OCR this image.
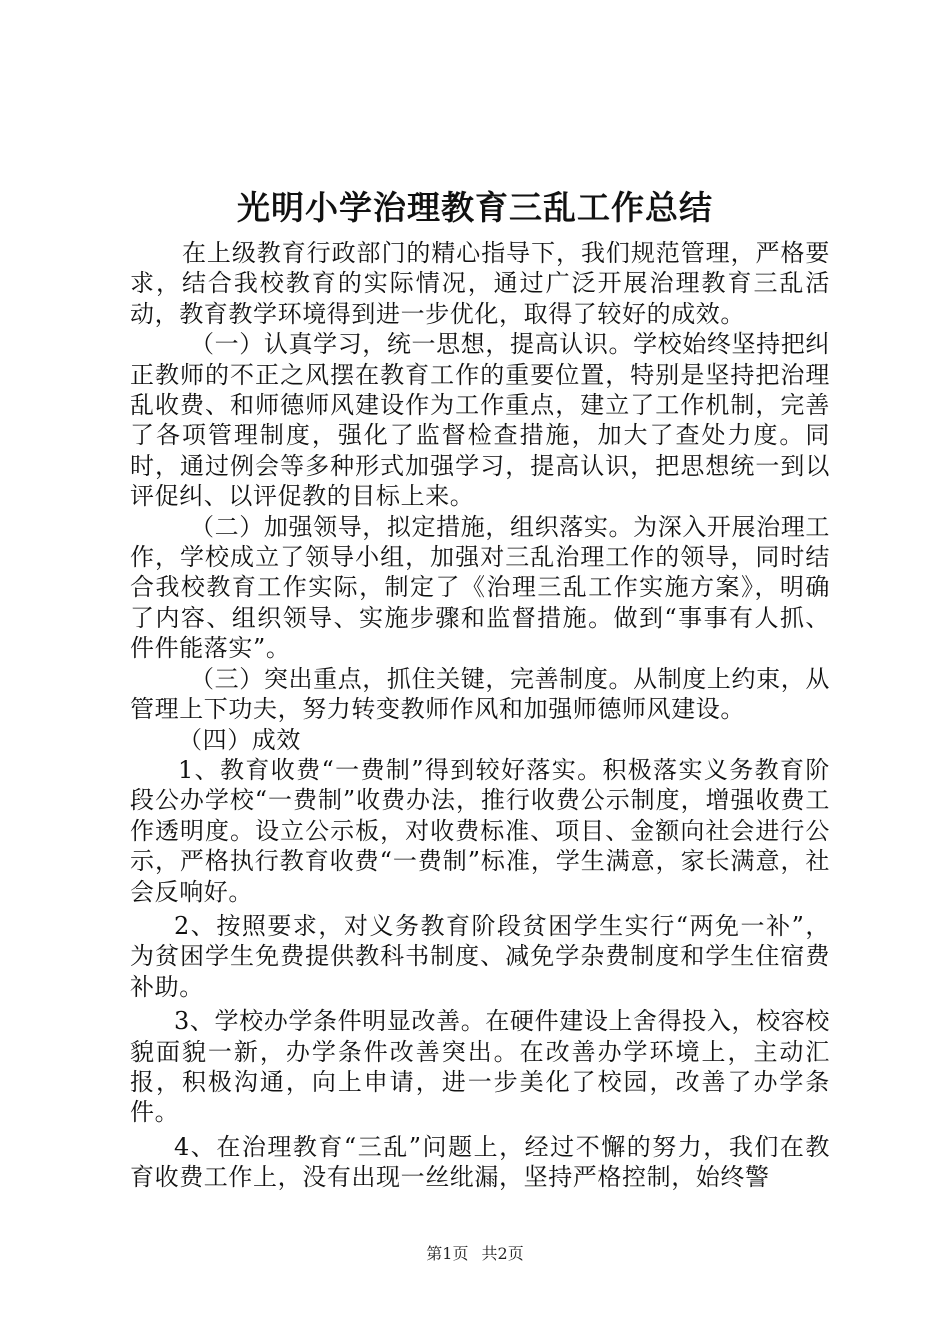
光明小学治理教育三乱工作总结

在上级教育行政部门的精心指导下，我们规范管理，严格要求，结合我校教育的实际情况，通过广泛开展治理教育三乱活动，教育教学环境得到进一步优化，取得了较好的成效。

（一）认真学习，统一思想，提高认识。学校始终坚持把纠正教师的不正之风摆在教育工作的重要位置，特别是坚持把治理乱收费、和师德师风建设作为工作重点，建立了工作机制，完善了各项管理制度，强化了监督检查措施，加大了查处力度。同时，通过例会等多种形式加强学习，提高认识，把思想统一到以评促纠、以评促教的目标上来。

（二）加强领导，拟定措施，组织落实。为深入开展治理工作，学校成立了领导小组，加强对三乱治理工作的领导，同时结合我校教育工作实际，制定了《治理三乱工作实施方案》，明确了内容、组织领导、实施步骤和监督措施。做到“事事有人抓、件件能落实”。

（三）突出重点，抓住关键，完善制度。从制度上约束，从管理上下功夫，努力转变教师作风和加强师德师风建设。

（四）成效

1、教育收费“一费制”得到较好落实。积极落实义务教育阶段公办学校“一费制”收费办法，推行收费公示制度，增强收费工作透明度。设立公示板，对收费标准、项目、金额向社会进行公示，严格执行教育收费“一费制”标准，学生满意，家长满意，社会反响好。

2、按照要求，对义务教育阶段贫困学生实行“两免一补”，为贫困学生免费提供教科书制度、减免学杂费制度和学生住宿费补助。

3、学校办学条件明显改善。在硬件建设上舍得投入，校容校貌面貌一新，办学条件改善突出。在改善办学环境上，主动汇报，积极沟通，向上申请，进一步美化了校园，改善了办学条件。

4、在治理教育“三乱”问题上，经过不懈的努力，我们在教育收费工作上，没有出现一丝纰漏，坚持严格控制，始终警

第1页 共2页
